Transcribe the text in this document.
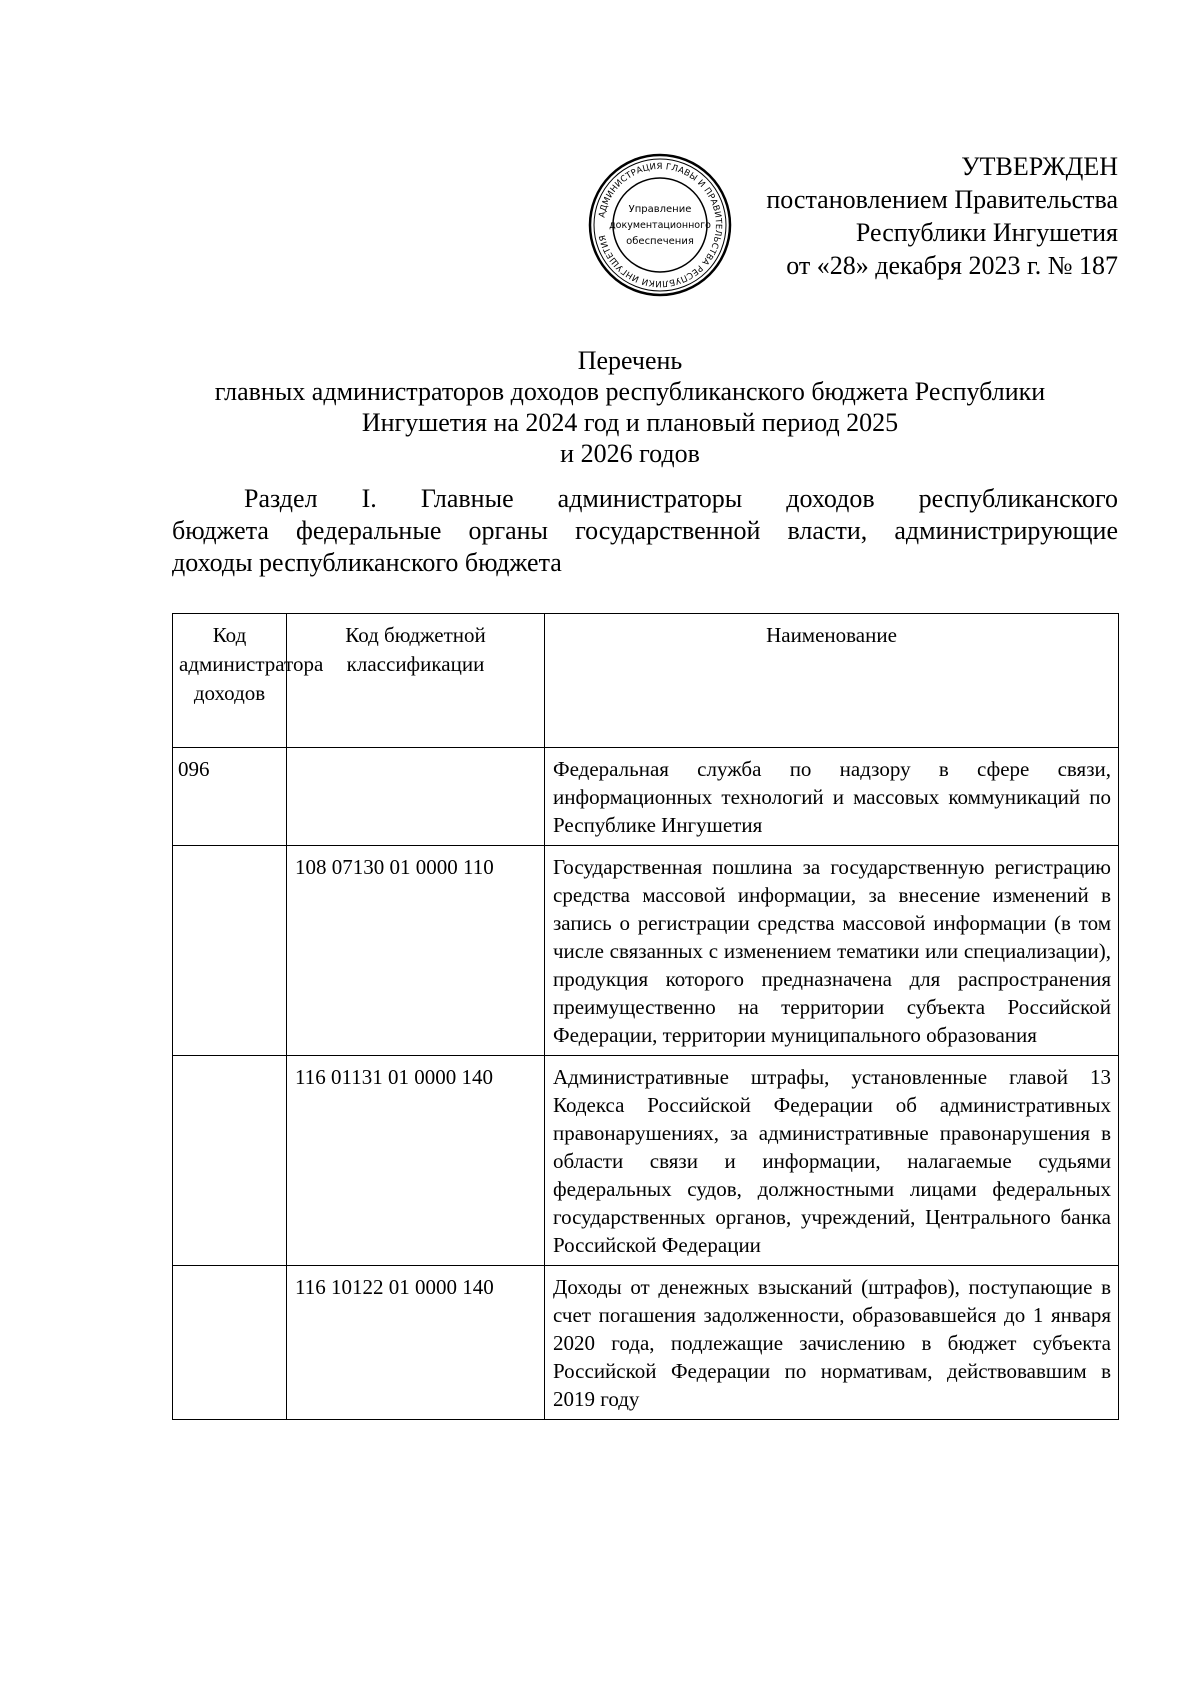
УТВЕРЖДЕН
постановлением Правительства
Республики Ингушетия
от «28» декабря 2023 г. № 187
АДМИНИСТРАЦИЯ ГЛАВЫ И ПРАВИТЕЛЬСТВА РЕСПУБЛИКИ ИНГУШЕТИЯ
Управление
документационного
обеспечения
Перечень
главных администраторов доходов республиканского бюджета Республики
Ингушетия на 2024 год и плановый период 2025
и 2026 годов
Раздел I. Главные администраторы доходов республиканского
бюджета федеральные органы государственной власти, администрирующие
доходы республиканского бюджета
Код администратора доходов	Код бюджетной классификации	Наименование
096		Федеральная служба по надзору в сфере связи, информационных технологий и массовых коммуникаций по Республике Ингушетия
	108 07130 01 0000 110	Государственная пошлина за государственную регистрацию средства массовой информации, за внесение изменений в запись о регистрации средства массовой информации (в том числе связанных с изменением тематики или специализации), продукция которого предназначена для распространения преимущественно на территории субъекта Российской Федерации, территории муниципального образования
	116 01131 01 0000 140	Административные штрафы, установленные главой 13 Кодекса Российской Федерации об административных правонарушениях, за административные правонарушения в области связи и информации, налагаемые судьями федеральных судов, должностными лицами федеральных государственных органов, учреждений, Центрального банка Российской Федерации
	116 10122 01 0000 140	Доходы от денежных взысканий (штрафов), поступающие в счет погашения задолженности, образовавшейся до 1 января 2020 года, подлежащие зачислению в бюджет субъекта Российской Федерации по нормативам, действовавшим в 2019 году
